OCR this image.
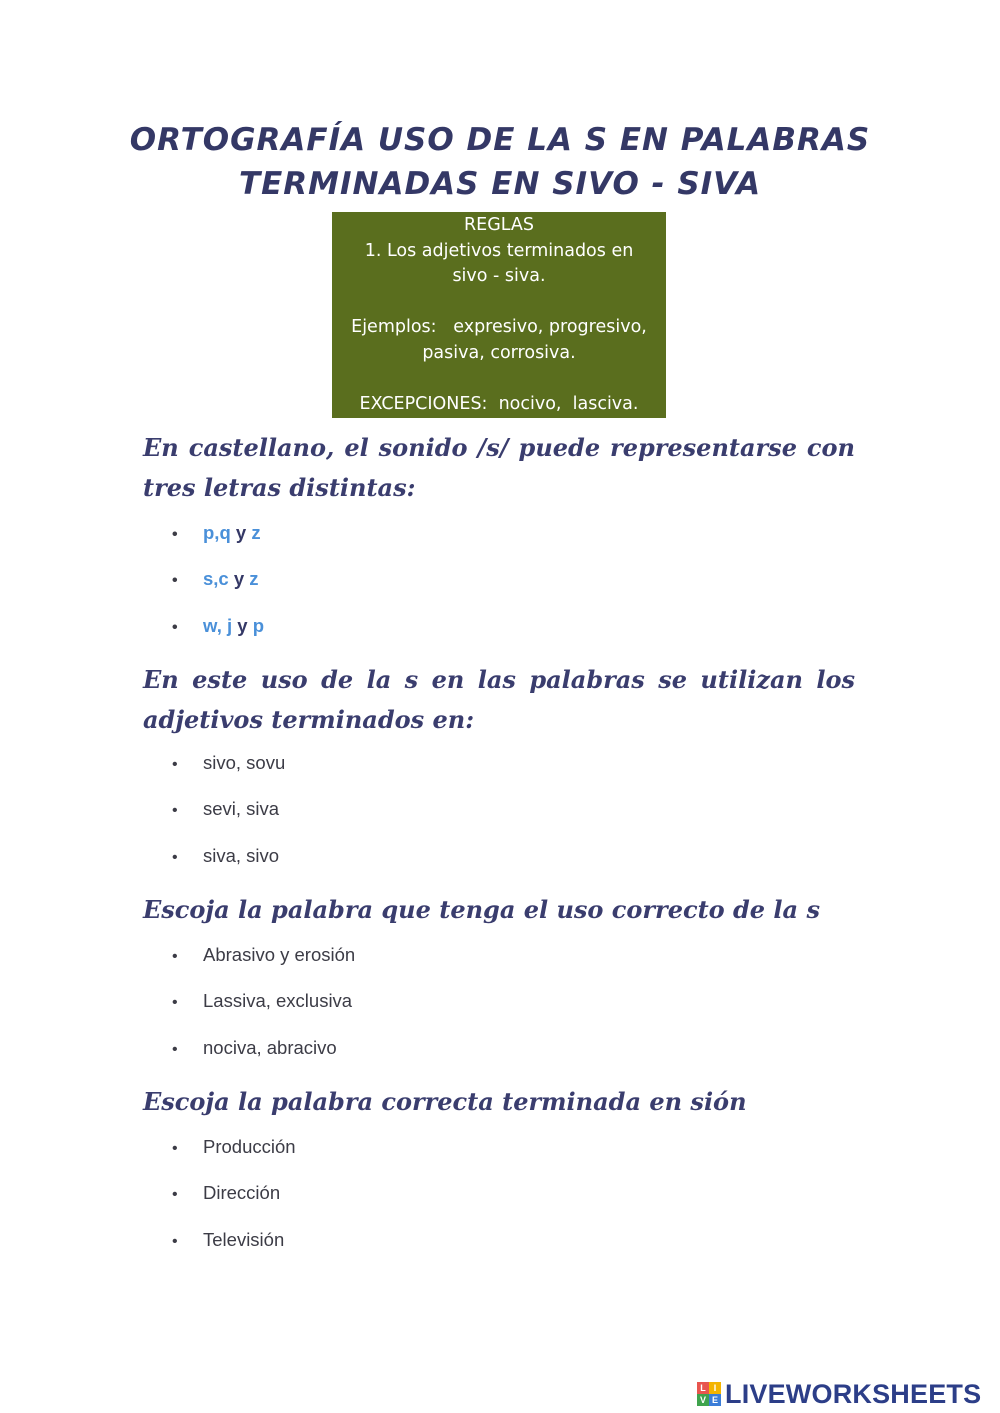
ORTOGRAFÍA USO DE LA S EN PALABRAS
TERMINADAS EN SIVO - SIVA
REGLAS
1. Los adjetivos terminados en
sivo - siva.
Ejemplos:   expresivo, progresivo,
pasiva, corrosiva.
EXCEPCIONES:  nocivo,  lasciva.
En castellano, el sonido /s/ puede representarse con tres letras distintas:
• p,q y z
• s,c y z
• w, j y p
En este uso de la s en las palabras se utilizan los adjetivos terminados en:
• sivo, sovu
• sevi, siva
• siva, sivo
Escoja la palabra que tenga el uso correcto de la s
• Abrasivo y erosión
• Lassiva, exclusiva
• nociva, abracivo
Escoja la palabra correcta terminada en sión
• Producción
• Dirección
• Televisión
L I
V E LIVEWORKSHEETS
